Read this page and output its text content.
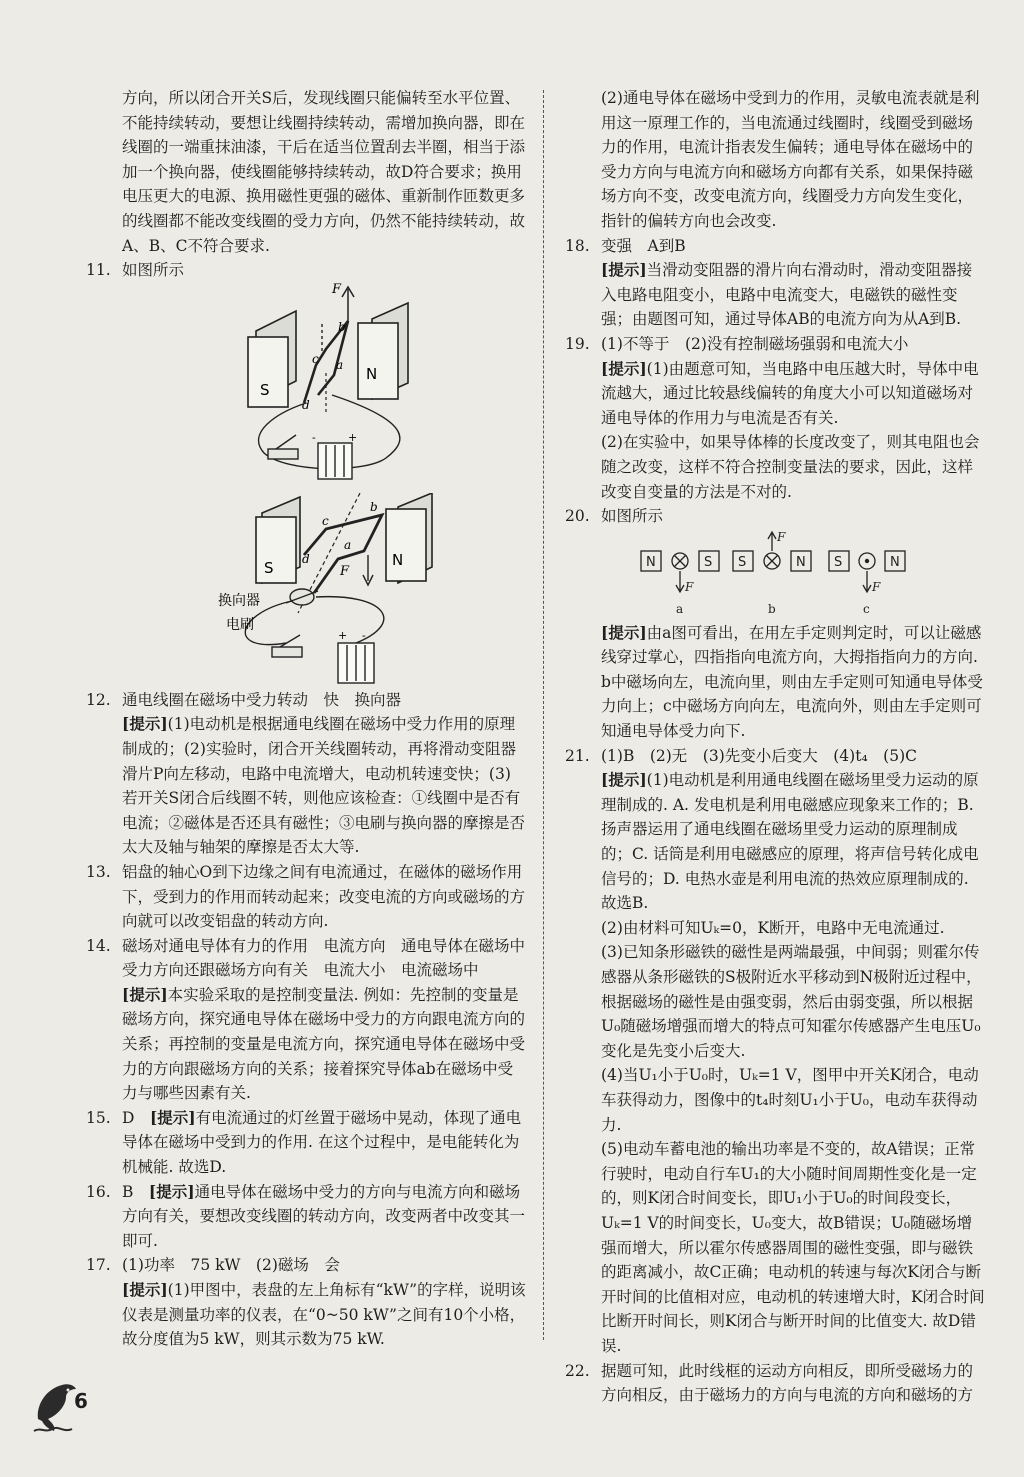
方向，所以闭合开关S后，发现线圈只能偏转至水平位置、不能持续转动，要想让线圈持续转动，需增加换向器，即在线圈的一端重抹油漆，干后在适当位置刮去半圈，相当于添加一个换向器，使线圈能够持续转动，故D符合要求；换用电压更大的电源、换用磁性更强的磁体、重新制作匝数更多的线圈都不能改变线圈的受力方向，仍然不能持续转动，故A、B、C不符合要求.

11. 如图所示
S
N
F
a
b
c
d
+
-
S	N
F
a
b
c
d
换向器
电刷
+ -
12. 通电线圈在磁场中受力转动　快　换向器

[提示](1)电动机是根据通电线圈在磁场中受力作用的原理制成的；(2)实验时，闭合开关线圈转动，再将滑动变阻器滑片P向左移动，电路中电流增大，电动机转速变快；(3)若开关S闭合后线圈不转，则他应该检查：①线圈中是否有电流；②磁体是否还具有磁性；③电刷与换向器的摩擦是否太大及轴与轴架的摩擦是否太大等.

13. 铝盘的轴心O到下边缘之间有电流通过，在磁体的磁场作用下，受到力的作用而转动起来；改变电流的方向或磁场的方向就可以改变铝盘的转动方向.
14. 磁场对通电导体有力的作用　电流方向　通电导体在磁场中受力方向还跟磁场方向有关　电流大小　电流磁场中

[提示]本实验采取的是控制变量法. 例如：先控制的变量是磁场方向，探究通电导体在磁场中受力的方向跟电流方向的关系；再控制的变量是电流方向，探究通电导体在磁场中受力的方向跟磁场方向的关系；接着探究导体ab在磁场中受力与哪些因素有关.

15. D　[提示]有电流通过的灯丝置于磁场中晃动，体现了通电导体在磁场中受到力的作用. 在这个过程中，是电能转化为机械能. 故选D.
16. B　[提示]通电导体在磁场中受力的方向与电流方向和磁场方向有关，要想改变线圈的转动方向，改变两者中改变其一即可.
17. (1)功率　75 kW　(2)磁场　会

[提示](1)甲图中，表盘的左上角标有“kW”的字样，说明该仪表是测量功率的仪表，在“0~50 kW”之间有10个小格，故分度值为5 kW，则其示数为75 kW.

(2)通电导体在磁场中受到力的作用，灵敏电流表就是利用这一原理工作的，当电流通过线圈时，线圈受到磁场力的作用，电流计指表发生偏转；通电导体在磁场中的受力方向与电流方向和磁场方向都有关系，如果保持磁场方向不变，改变电流方向，线圈受力方向发生变化，指针的偏转方向也会改变.

18. 变强　A到B

[提示]当滑动变阻器的滑片向右滑动时，滑动变阻器接入电路电阻变小，电路中电流变大，电磁铁的磁性变强；由题图可知，通过导体AB的电流方向为从A到B.

19. (1)不等于　(2)没有控制磁场强弱和电流大小

[提示](1)由题意可知，当电路中电压越大时，导体中电流越大，通过比较悬线偏转的角度大小可以知道磁场对通电导体的作用力与电流是否有关.

(2)在实验中，如果导体棒的长度改变了，则其电阻也会随之改变，这样不符合控制变量法的要求，因此，这样改变自变量的方法是不对的.

20. 如图所示
N	S S	N S	N
F
F
F
a	b	c

[提示]由a图可看出，在用左手定则判定时，可以让磁感线穿过掌心，四指指向电流方向，大拇指指向力的方向. b中磁场向左，电流向里，则由左手定则可知通电导体受力向上；c中磁场方向向左，电流向外，则由左手定则可知通电导体受力向下.

21. (1)B　(2)无　(3)先变小后变大　(4)t₄　(5)C

[提示](1)电动机是利用通电线圈在磁场里受力运动的原理制成的. A. 发电机是利用电磁感应现象来工作的；B. 扬声器运用了通电线圈在磁场里受力运动的原理制成的；C. 话筒是利用电磁感应的原理，将声信号转化成电信号的；D. 电热水壶是利用电流的热效应原理制成的. 故选B.

(2)由材料可知Uₖ=0，K断开，电路中无电流通过.

(3)已知条形磁铁的磁性是两端最强，中间弱；则霍尔传感器从条形磁铁的S极附近水平移动到N极附近过程中，根据磁场的磁性是由强变弱，然后由弱变强，所以根据U₀随磁场增强而增大的特点可知霍尔传感器产生电压U₀变化是先变小后变大.

(4)当U₁小于U₀时，Uₖ=1 V，图甲中开关K闭合，电动车获得动力，图像中的t₄时刻U₁小于U₀，电动车获得动力.

(5)电动车蓄电池的输出功率是不变的，故A错误；正常行驶时，电动自行车U₁的大小随时间周期性变化是一定的，则K闭合时间变长，即U₁小于U₀的时间段变长，Uₖ=1 V的时间变长，U₀变大，故B错误；U₀随磁场增强而增大，所以霍尔传感器周围的磁性变强，即与磁铁的距离减小，故C正确；电动机的转速与每次K闭合与断开时间的比值相对应，电动机的转速增大时，K闭合时间比断开时间长，则K闭合与断开时间的比值变大. 故D错误.

22. 据题可知，此时线框的运动方向相反，即所受磁场力的方向相反，由于磁场力的方向与电流的方向和磁场的方
6
